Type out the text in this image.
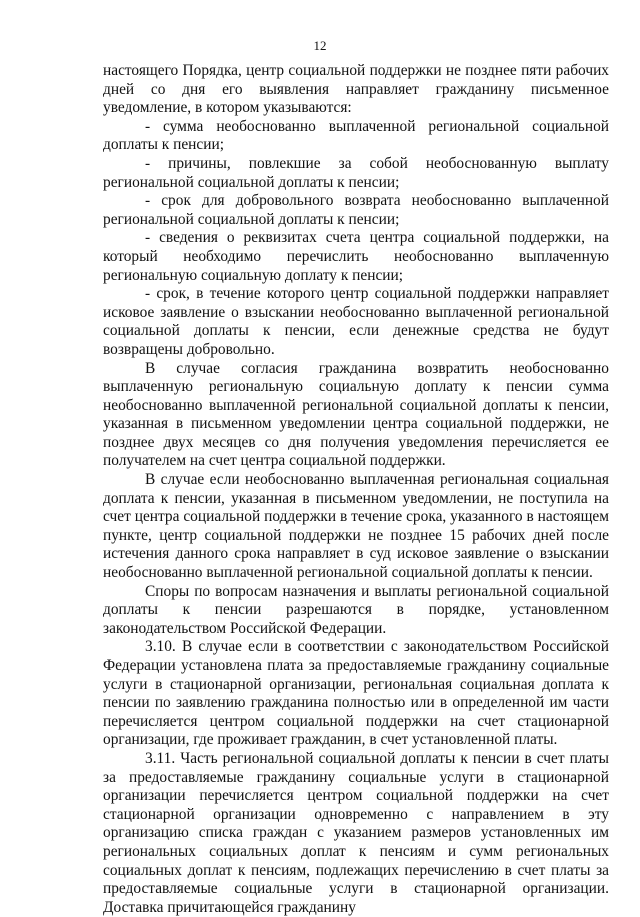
12

настоящего Порядка, центр социальной поддержки не позднее пяти рабочих дней со дня его выявления направляет гражданину письменное уведомление, в котором указываются:

- сумма необоснованно выплаченной региональной социальной доплаты к пенсии;

- причины, повлекшие за собой необоснованную выплату региональной социальной доплаты к пенсии;

- срок для добровольного возврата необоснованно выплаченной региональной социальной доплаты к пенсии;

- сведения о реквизитах счета центра социальной поддержки, на который необходимо перечислить необоснованно выплаченную региональную социальную доплату к пенсии;

- срок, в течение которого центр социальной поддержки направляет исковое заявление о взыскании необоснованно выплаченной региональной социальной доплаты к пенсии, если денежные средства не будут возвращены добровольно.

В случае согласия гражданина возвратить необоснованно выплаченную региональную социальную доплату к пенсии сумма необоснованно выплаченной региональной социальной доплаты к пенсии, указанная в письменном уведомлении центра социальной поддержки, не позднее двух месяцев со дня получения уведомления перечисляется ее получателем на счет центра социальной поддержки.

В случае если необоснованно выплаченная региональная социальная доплата к пенсии, указанная в письменном уведомлении, не поступила на счет центра социальной поддержки в течение срока, указанного в настоящем пункте, центр социальной поддержки не позднее 15 рабочих дней после истечения данного срока направляет в суд исковое заявление о взыскании необоснованно выплаченной региональной социальной доплаты к пенсии.

Споры по вопросам назначения и выплаты региональной социальной доплаты к пенсии разрешаются в порядке, установленном законодательством Российской Федерации.

3.10. В случае если в соответствии с законодательством Российской Федерации установлена плата за предоставляемые гражданину социальные услуги в стационарной организации, региональная социальная доплата к пенсии по заявлению гражданина полностью или в определенной им части перечисляется центром социальной поддержки на счет стационарной организации, где проживает гражданин, в счет установленной платы.

3.11. Часть региональной социальной доплаты к пенсии в счет платы за предоставляемые гражданину социальные услуги в стационарной организации перечисляется центром социальной поддержки на счет стационарной организации одновременно с направлением в эту организацию списка граждан с указанием размеров установленных им региональных социальных доплат к пенсиям и сумм региональных социальных доплат к пенсиям, подлежащих перечислению в счет платы за предоставляемые социальные услуги в стационарной организации. Доставка причитающейся гражданину
